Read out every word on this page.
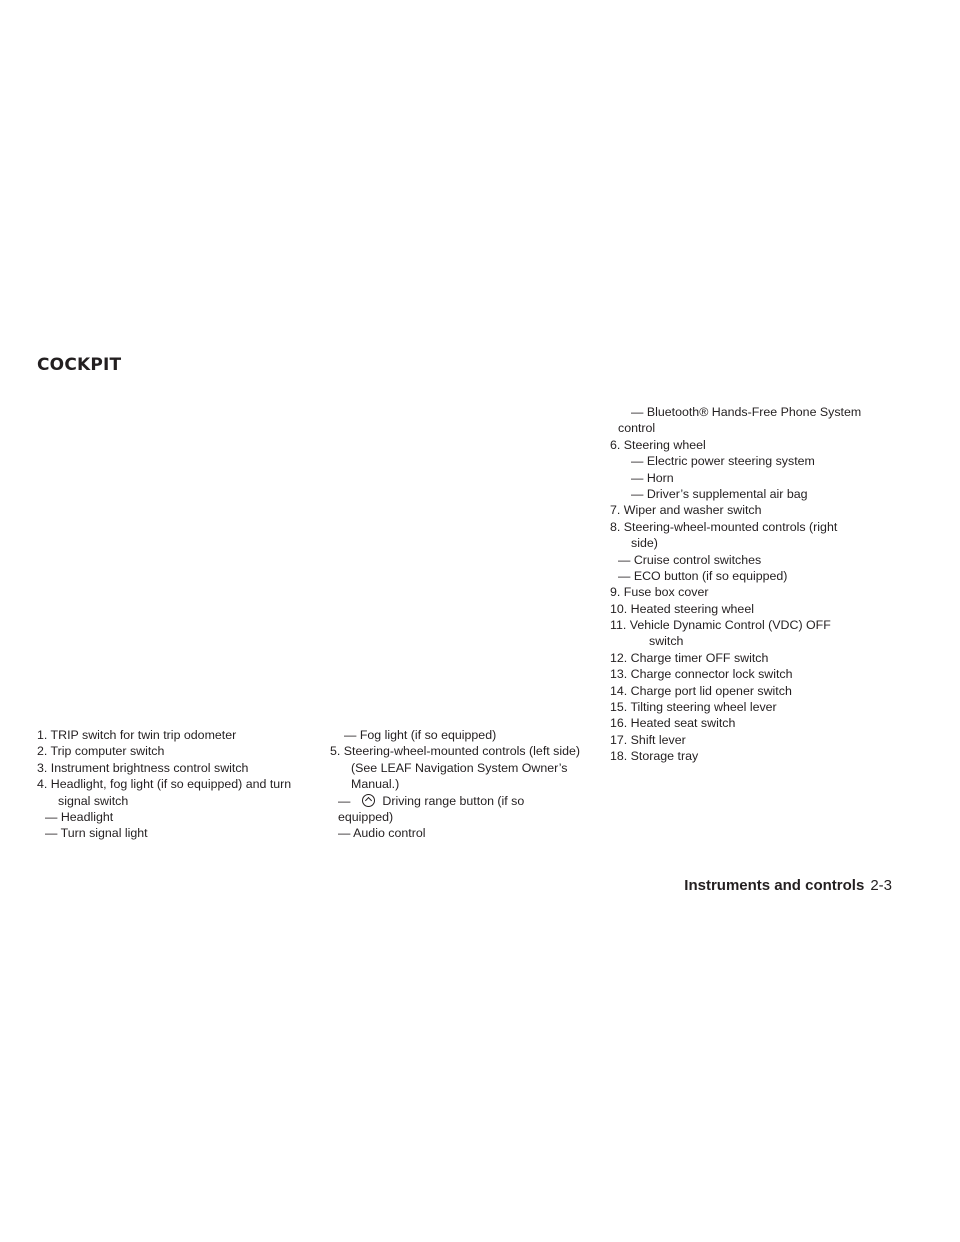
COCKPIT
1. TRIP switch for twin trip odometer
2. Trip computer switch
3. Instrument brightness control switch
4. Headlight, fog light (if so equipped) and turn
signal switch
— Headlight
— Turn signal light
— Fog light (if so equipped)
5. Steering-wheel-mounted controls (left side)
(See LEAF Navigation System Owner’s
Manual.)
—	Driving range button (if so
equipped)
— Audio control
— Bluetooth® Hands-Free Phone System
control
6. Steering wheel
— Electric power steering system
— Horn
— Driver’s supplemental air bag
7. Wiper and washer switch
8. Steering-wheel-mounted controls (right
side)
— Cruise control switches
— ECO button (if so equipped)
9. Fuse box cover
10. Heated steering wheel
11. Vehicle Dynamic Control (VDC) OFF
switch
12. Charge timer OFF switch
13. Charge connector lock switch
14. Charge port lid opener switch
15. Tilting steering wheel lever
16. Heated seat switch
17. Shift lever
18. Storage tray
Instruments and controls 2-3
